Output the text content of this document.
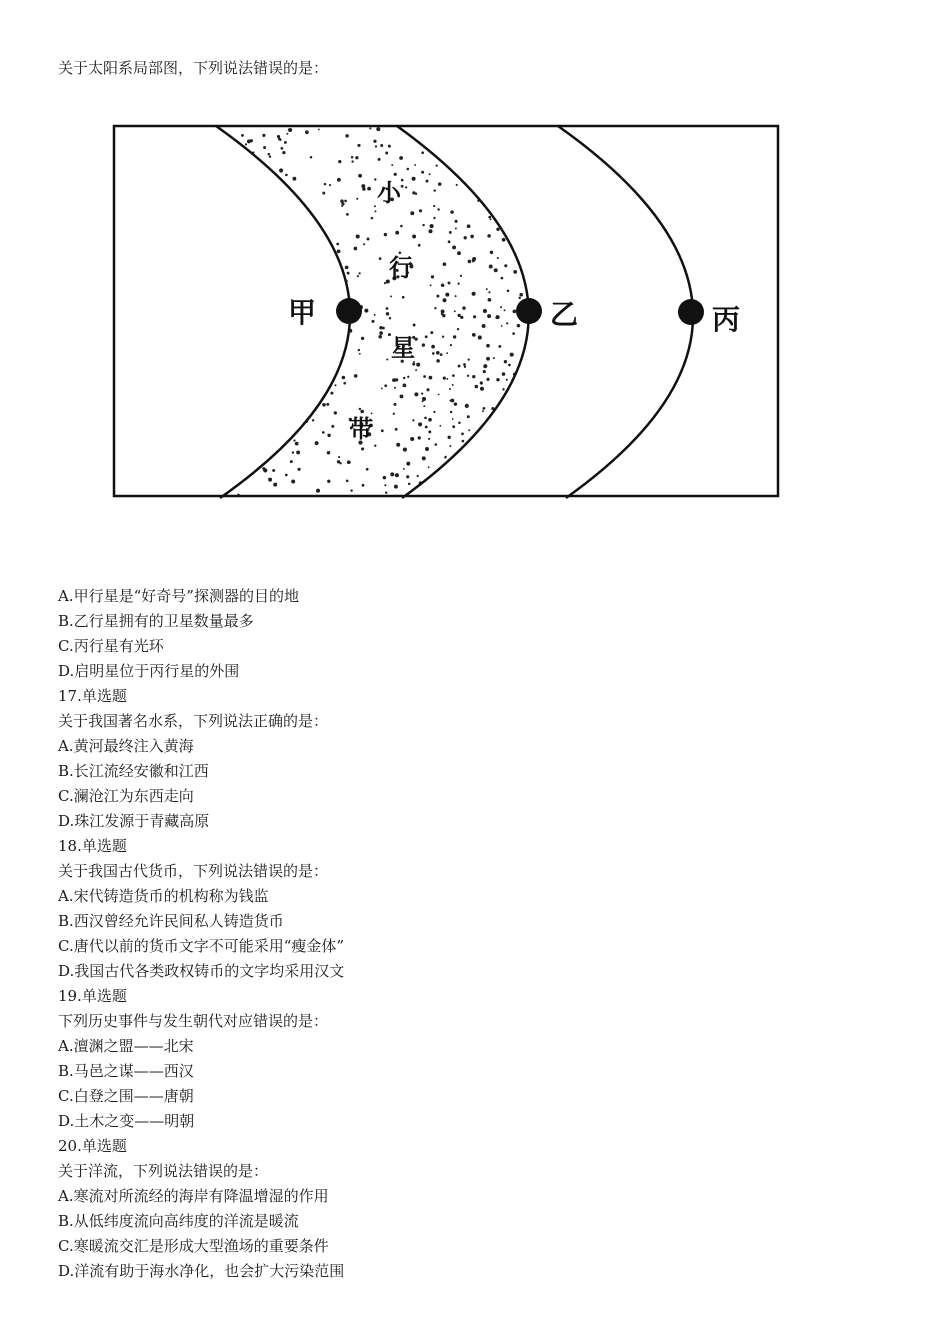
关于太阳系局部图，下列说法错误的是：
甲	乙	丙
小
行
星
带
A.甲行星是“好奇号”探测器的目的地
B.乙行星拥有的卫星数量最多
C.丙行星有光环
D.启明星位于丙行星的外围
17.单选题
关于我国著名水系，下列说法正确的是：
A.黄河最终注入黄海
B.长江流经安徽和江西
C.澜沧江为东西走向
D.珠江发源于青藏高原
18.单选题
关于我国古代货币，下列说法错误的是：
A.宋代铸造货币的机构称为钱监
B.西汉曾经允许民间私人铸造货币
C.唐代以前的货币文字不可能采用“瘦金体”
D.我国古代各类政权铸币的文字均采用汉文
19.单选题
下列历史事件与发生朝代对应错误的是：
A.澶渊之盟——北宋
B.马邑之谋——西汉
C.白登之围——唐朝
D.土木之变——明朝
20.单选题
关于洋流，下列说法错误的是：
A.寒流对所流经的海岸有降温增湿的作用
B.从低纬度流向高纬度的洋流是暖流
C.寒暖流交汇是形成大型渔场的重要条件
D.洋流有助于海水净化，也会扩大污染范围
